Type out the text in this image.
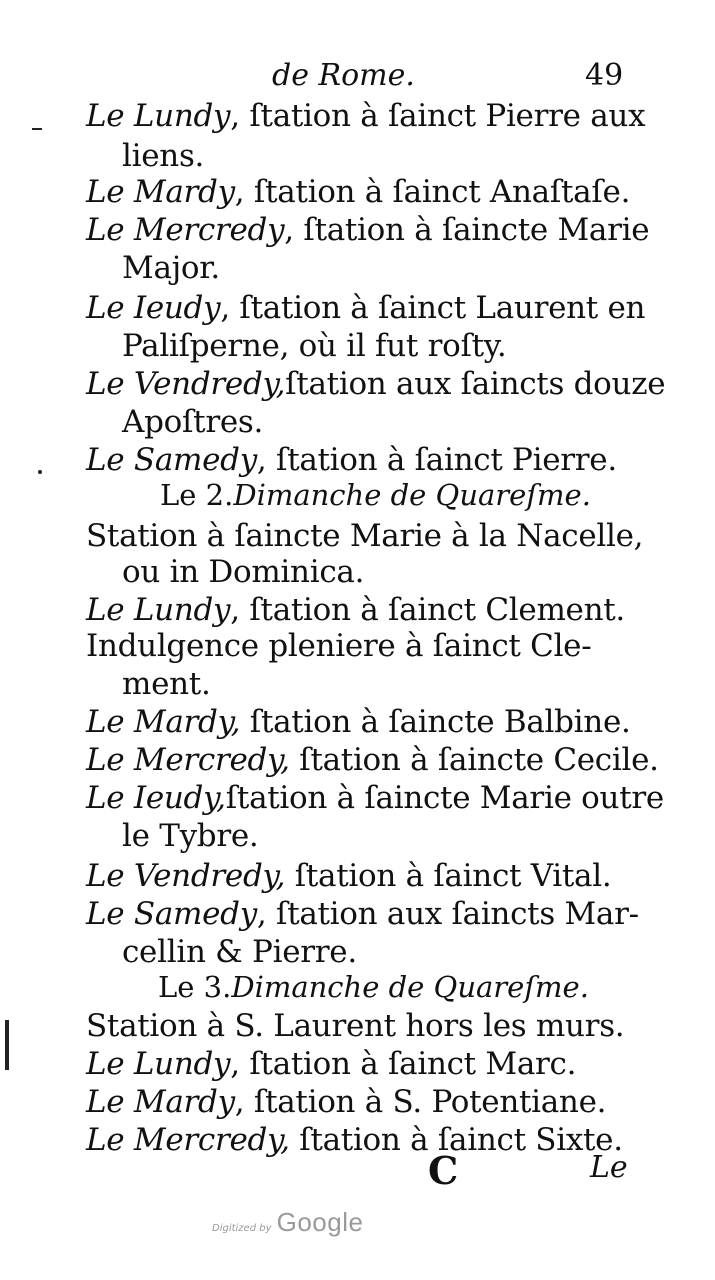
de Rome.	49
Le Lundy, ſtation à ſainct Pierre aux
liens.
Le Mardy, ſtation à ſainct Anaſtaſe.
Le Mercredy, ſtation à ſaincte Marie
Major.
Le Ieudy, ſtation à ſainct Laurent en
Paliſperne, où il fut roſty.
Le Vendredy,ſtation aux ſaincts douze
Apoſtres.
Le Samedy, ſtation à ſainct Pierre.
Le 2.Dimanche de Quareſme.
Station à ſaincte Marie à la Nacelle,
ou in Dominica.
Le Lundy, ſtation à ſainct Clement.
Indulgence pleniere à ſainct Cle-
ment.
Le Mardy, ſtation à ſaincte Balbine.
Le Mercredy, ſtation à ſaincte Cecile.
Le Ieudy,ſtation à ſaincte Marie outre
le Tybre.
Le Vendredy, ſtation à ſainct Vital.
Le Samedy, ſtation aux ſaincts Mar-
cellin & Pierre.
Le 3.Dimanche de Quareſme.
Station à S. Laurent hors les murs.
Le Lundy, ſtation à ſainct Marc.
Le Mardy, ſtation à S. Potentiane.
Le Mercredy, ſtation à ſainct Sixte.
C	Le
Digitized by Google
